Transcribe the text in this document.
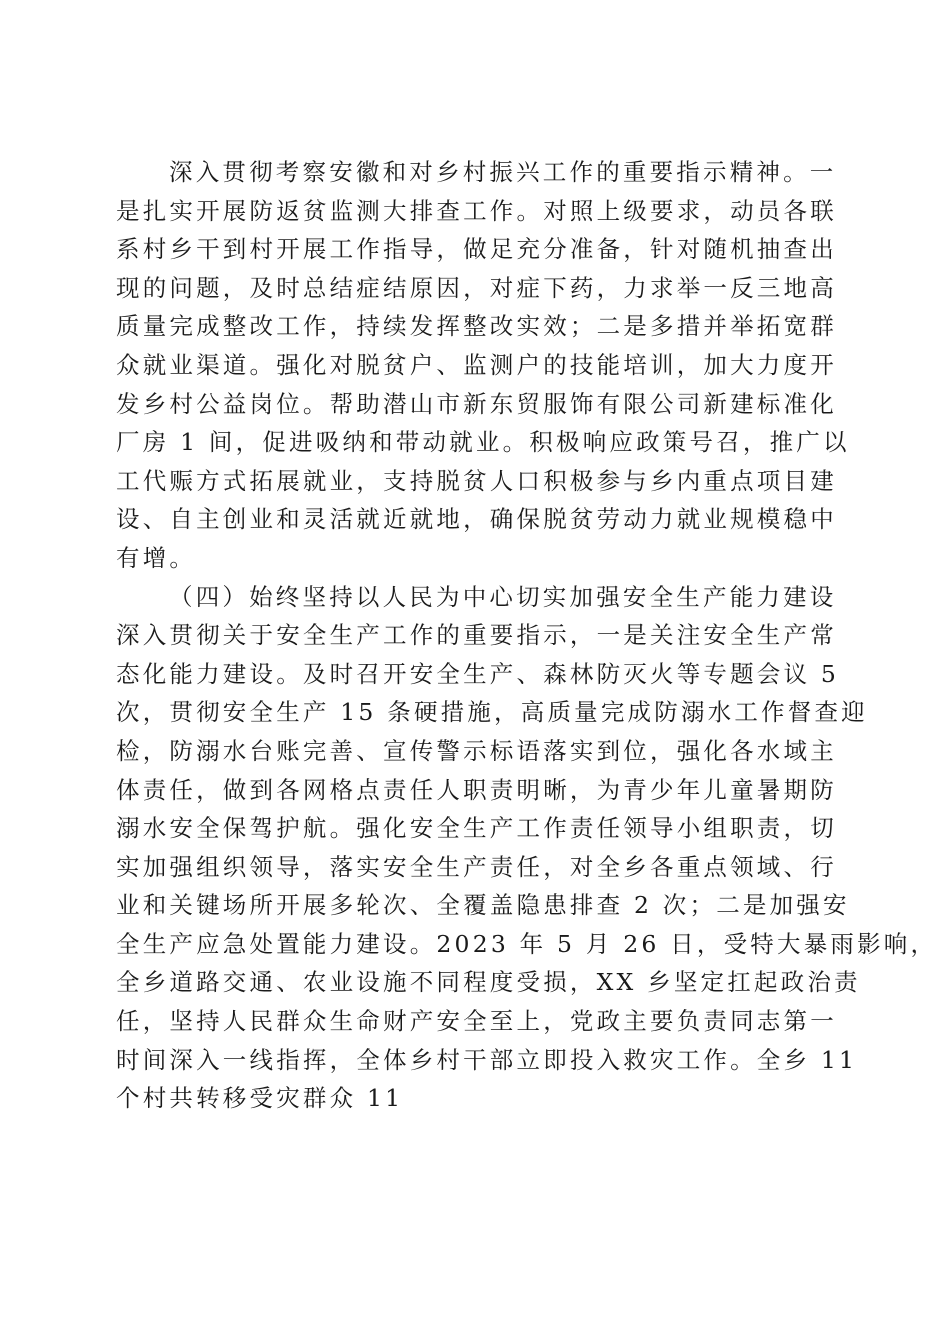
深入贯彻考察安徽和对乡村振兴工作的重要指示精神。一
是扎实开展防返贫监测大排查工作。对照上级要求，动员各联
系村乡干到村开展工作指导，做足充分准备，针对随机抽查出
现的问题，及时总结症结原因，对症下药，力求举一反三地高
质量完成整改工作，持续发挥整改实效；二是多措并举拓宽群
众就业渠道。强化对脱贫户、监测户的技能培训，加大力度开
发乡村公益岗位。帮助潜山市新东贸服饰有限公司新建标准化
厂房 1 间，促进吸纳和带动就业。积极响应政策号召，推广以
工代赈方式拓展就业，支持脱贫人口积极参与乡内重点项目建
设、自主创业和灵活就近就地，确保脱贫劳动力就业规模稳中
有增。
（四）始终坚持以人民为中心切实加强安全生产能力建设
深入贯彻关于安全生产工作的重要指示，一是关注安全生产常
态化能力建设。及时召开安全生产、森林防灭火等专题会议 5
次，贯彻安全生产 15 条硬措施，高质量完成防溺水工作督查迎
检，防溺水台账完善、宣传警示标语落实到位，强化各水域主
体责任，做到各网格点责任人职责明晰，为青少年儿童暑期防
溺水安全保驾护航。强化安全生产工作责任领导小组职责，切
实加强组织领导，落实安全生产责任，对全乡各重点领域、行
业和关键场所开展多轮次、全覆盖隐患排查 2 次；二是加强安
全生产应急处置能力建设。2023 年 5 月 26 日，受特大暴雨影响，
全乡道路交通、农业设施不同程度受损，XX 乡坚定扛起政治责
任，坚持人民群众生命财产安全至上，党政主要负责同志第一
时间深入一线指挥，全体乡村干部立即投入救灾工作。全乡 11
个村共转移受灾群众 11
